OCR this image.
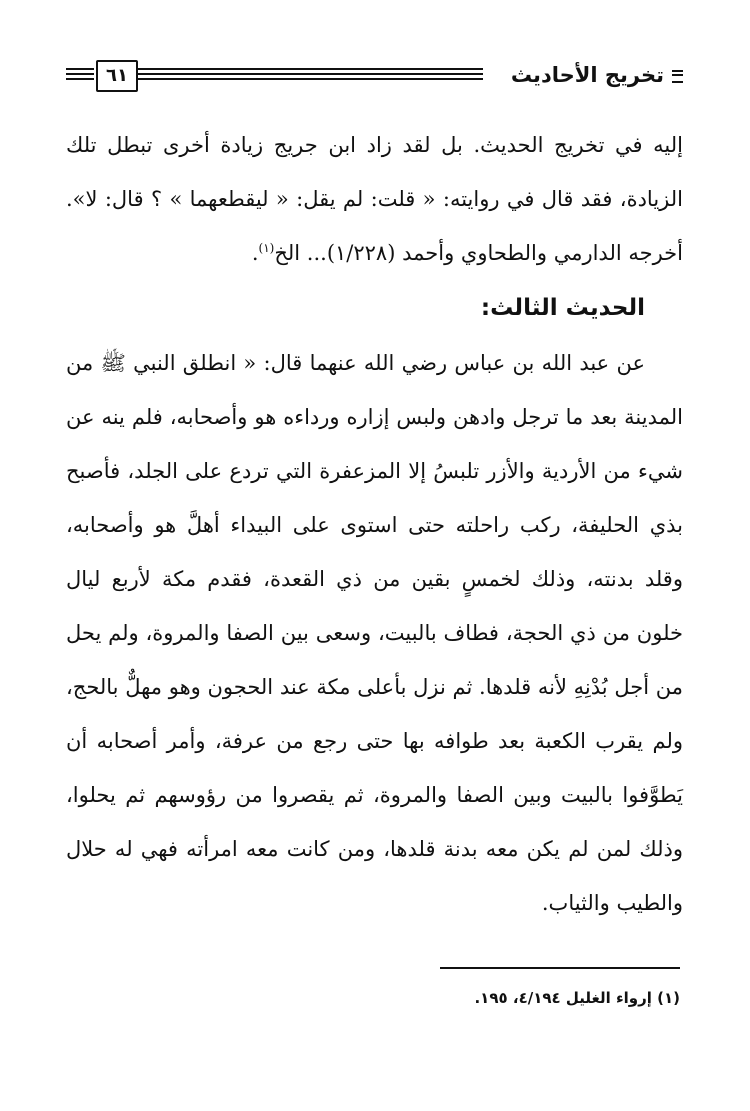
تخريج الأحاديث
٦١

إليه في تخريج الحديث. بل لقد زاد ابن جريج زيادة أخرى تبطل تلك الزيادة، فقد قال في روايته: « قلت: لم يقل: « ليقطعهما » ؟ قال: لا». أخرجه الدارمي والطحاوي وأحمد (١/٢٢٨)... الخ$^{(١)}$.

الحديث الثالث:

عن عبد الله بن عباس رضي الله عنهما قال: « انطلق النبي ﷺ من المدينة بعد ما ترجل وادهن ولبس إزاره ورداءه هو وأصحابه، فلم ينه عن شيء من الأردية والأزر تلبسُ إلا المزعفرة التي تردع على الجلد، فأصبح بذي الحليفة، ركب راحلته حتى استوى على البيداء أهلَّ هو وأصحابه، وقلد بدنته، وذلك لخمسٍ بقين من ذي القعدة، فقدم مكة لأربع ليال خلون من ذي الحجة، فطاف بالبيت، وسعى بين الصفا والمروة، ولم يحل من أجل بُدْنِهِ لأنه قلدها. ثم نزل بأعلى مكة عند الحجون وهو مهلٌّ بالحج، ولم يقرب الكعبة بعد طوافه بها حتى رجع من عرفة، وأمر أصحابه أن يَطوَّفوا بالبيت وبين الصفا والمروة، ثم يقصروا من رؤوسهم ثم يحلوا، وذلك لمن لم يكن معه بدنة قلدها، ومن كانت معه امرأته فهي له حلال والطيب والثياب.

(١) إرواء الغليل ٤/١٩٤، ١٩٥.
